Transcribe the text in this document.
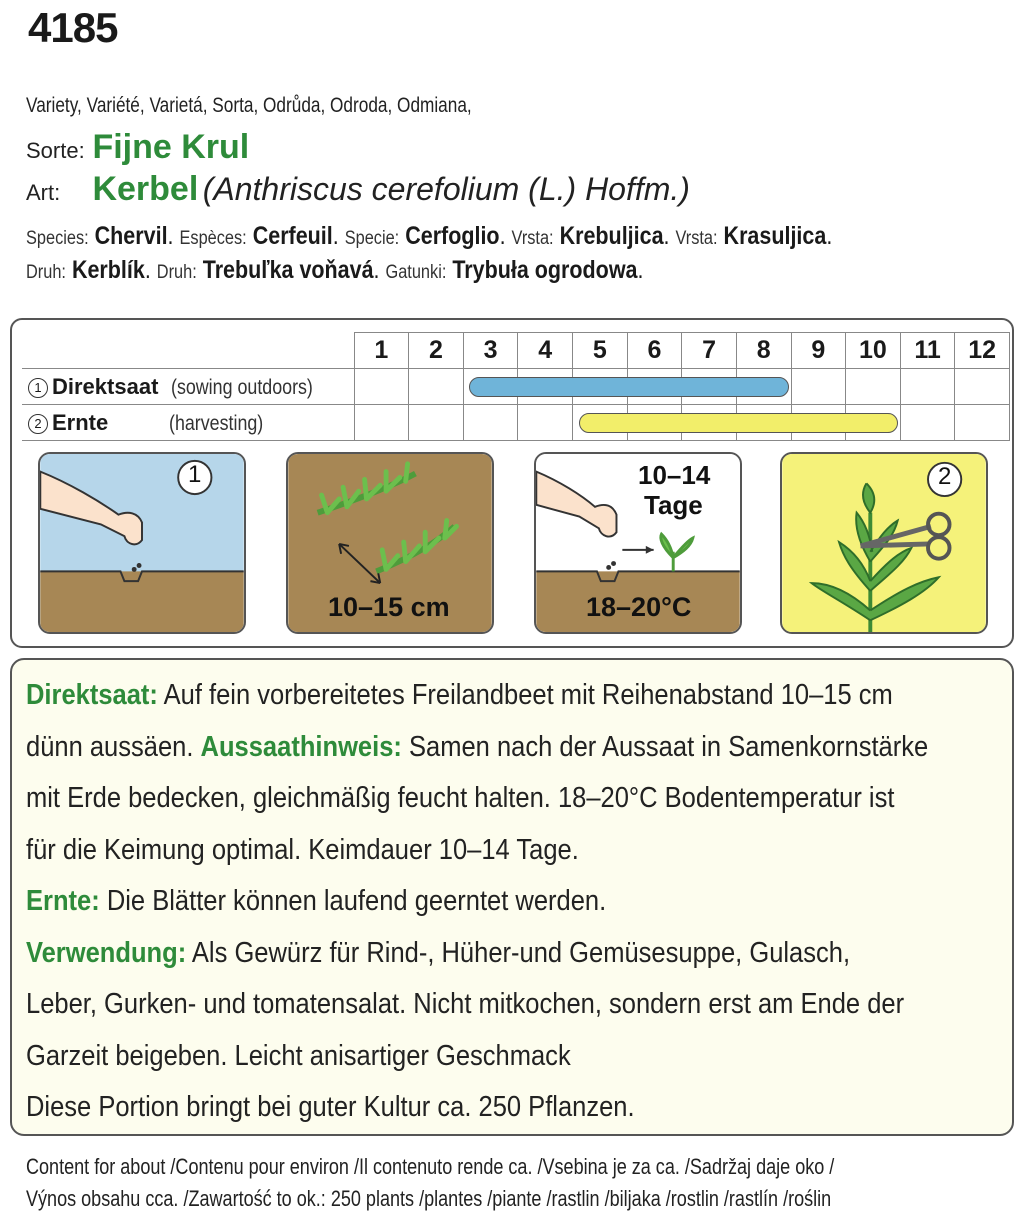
4185
Variety, Variété, Varietá, Sorta, Odrůda, Odroda, Odmiana,
Sorte: Fijne Krul
Art: Kerbel (Anthriscus cerefolium (L.) Hoffm.)
Species: Chervil. Espèces: Cerfeuil. Specie: Cerfoglio. Vrsta: Krebuljica. Vrsta: Krasuljica.
Druh: Kerblík. Druh: Trebuľka voňavá. Gatunki: Trybuła ogrodowa.
	1	2	3	4	5	6	7	8	9	10	11	12
1 Direktsaat (sowing outdoors)												
2 Ernte (harvesting)												
1
10–15 cm
10–14
Tage
18–20°C
2

Direktsaat: Auf fein vorbereitetes Freilandbeet mit Reihenabstand 10–15 cm

dünn aussäen. Aussaathinweis: Samen nach der Aussaat in Samenkornstärke

mit Erde bedecken, gleichmäßig feucht halten. 18–20°C Bodentemperatur ist

für die Keimung optimal. Keimdauer 10–14 Tage.

Ernte: Die Blätter können laufend geerntet werden.

Verwendung: Als Gewürz für Rind-, Hüher-und Gemüsesuppe, Gulasch,

Leber, Gurken- und tomatensalat. Nicht mitkochen, sondern erst am Ende der

Garzeit beigeben. Leicht anisartiger Geschmack

Diese Portion bringt bei guter Kultur ca. 250 Pflanzen.

Content for about /Contenu pour environ /Il contenuto rende ca. /Vsebina je za ca. /Sadržaj daje oko /
Výnos obsahu cca. /Zawartość to ok.: 250 plants /plantes /piante /rastlin /biljaka /rostlin /rastlín /roślin
